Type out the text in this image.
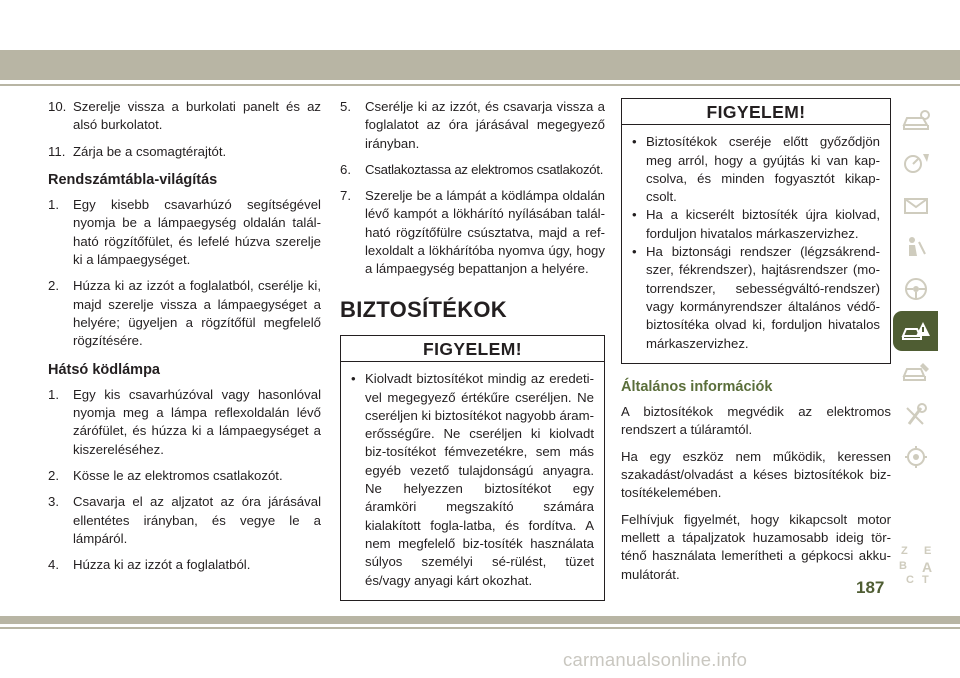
10. Szerelje vissza a burkolati panelt és az alsó burkolatot.
11. Zárja be a csomagtérajtót.
Rendszámtábla-világítás
1.	Egy kisebb csavarhúzó segítségével nyomja be a lámpaegység oldalán talál-ható rögzítőfület, és lefelé húzva szerelje ki a lámpaegységet.
2.	Húzza ki az izzót a foglalatból, cserélje ki, majd szerelje vissza a lámpaegységet a helyére; ügyeljen a rögzítőfül megfelelő rögzítésére.
Hátsó ködlámpa
1.	Egy kis csavarhúzóval vagy hasonlóval nyomja meg a lámpa reflexoldalán lévő zárófület, és húzza ki a lámpaegységet a kiszereléséhez.
2.	Kösse le az elektromos csatlakozót.
3.	Csavarja el az aljzatot az óra járásával ellentétes irányban, és vegye le a lámpáról.
4.	Húzza ki az izzót a foglalatból.
5.	Cserélje ki az izzót, és csavarja vissza a foglalatot az óra járásával megegyező irányban.
6.	Csatlakoztassa az elektromos csatlakozót.
7.	Szerelje be a lámpát a ködlámpa oldalán lévő kampót a lökhárító nyílásában talál-ható rögzítőfülre csúsztatva, majd a ref-lexoldalt a lökhárítóba nyomva úgy, hogy a lámpaegység bepattanjon a helyére.
BIZTOSÍTÉKOK
FIGYELEM!
• Kiolvadt biztosítékot mindig az eredeti-vel megegyező értékűre cseréljen. Ne cseréljen ki biztosítékot nagyobb áram-erősségűre. Ne cseréljen ki kiolvadt biz-tosítékot fémvezetékre, sem más egyéb vezető tulajdonságú anyagra. Ne helyezzen biztosítékot egy áramköri megszakító számára kialakított fogla-latba, és fordítva. A nem megfelelő biz-tosíték használata súlyos személyi sé-rülést, tüzet és/vagy anyagi kárt okozhat.
FIGYELEM!
• Biztosítékok cseréje előtt győződjön meg arról, hogy a gyújtás ki van kap-csolva, és minden fogyasztót kikap-csolt.
• Ha a kicserélt biztosíték újra kiolvad, forduljon hivatalos márkaszervizhez.
• Ha biztonsági rendszer (légzsákrend-szer, fékrendszer), hajtásrendszer (mo-torrendszer, sebességváltó-rendszer) vagy kormányrendszer általános védő-biztosítéka olvad ki, forduljon hivatalos márkaszervizhez.
Általános információk

A biztosítékok megvédik az elektromos rendszert a túláramtól.

Ha egy eszköz nem működik, keressen szakadást/olvadást a késes biztosítékok biz-tosítékelemében.

Felhívjuk figyelmét, hogy kikapcsolt motor mellett a tápaljzatok huzamosabb ideig tör-ténő használata lemerítheti a gépkocsi akku-mulátorát.

Z E
B A
C T
187
carmanualsonline.info
